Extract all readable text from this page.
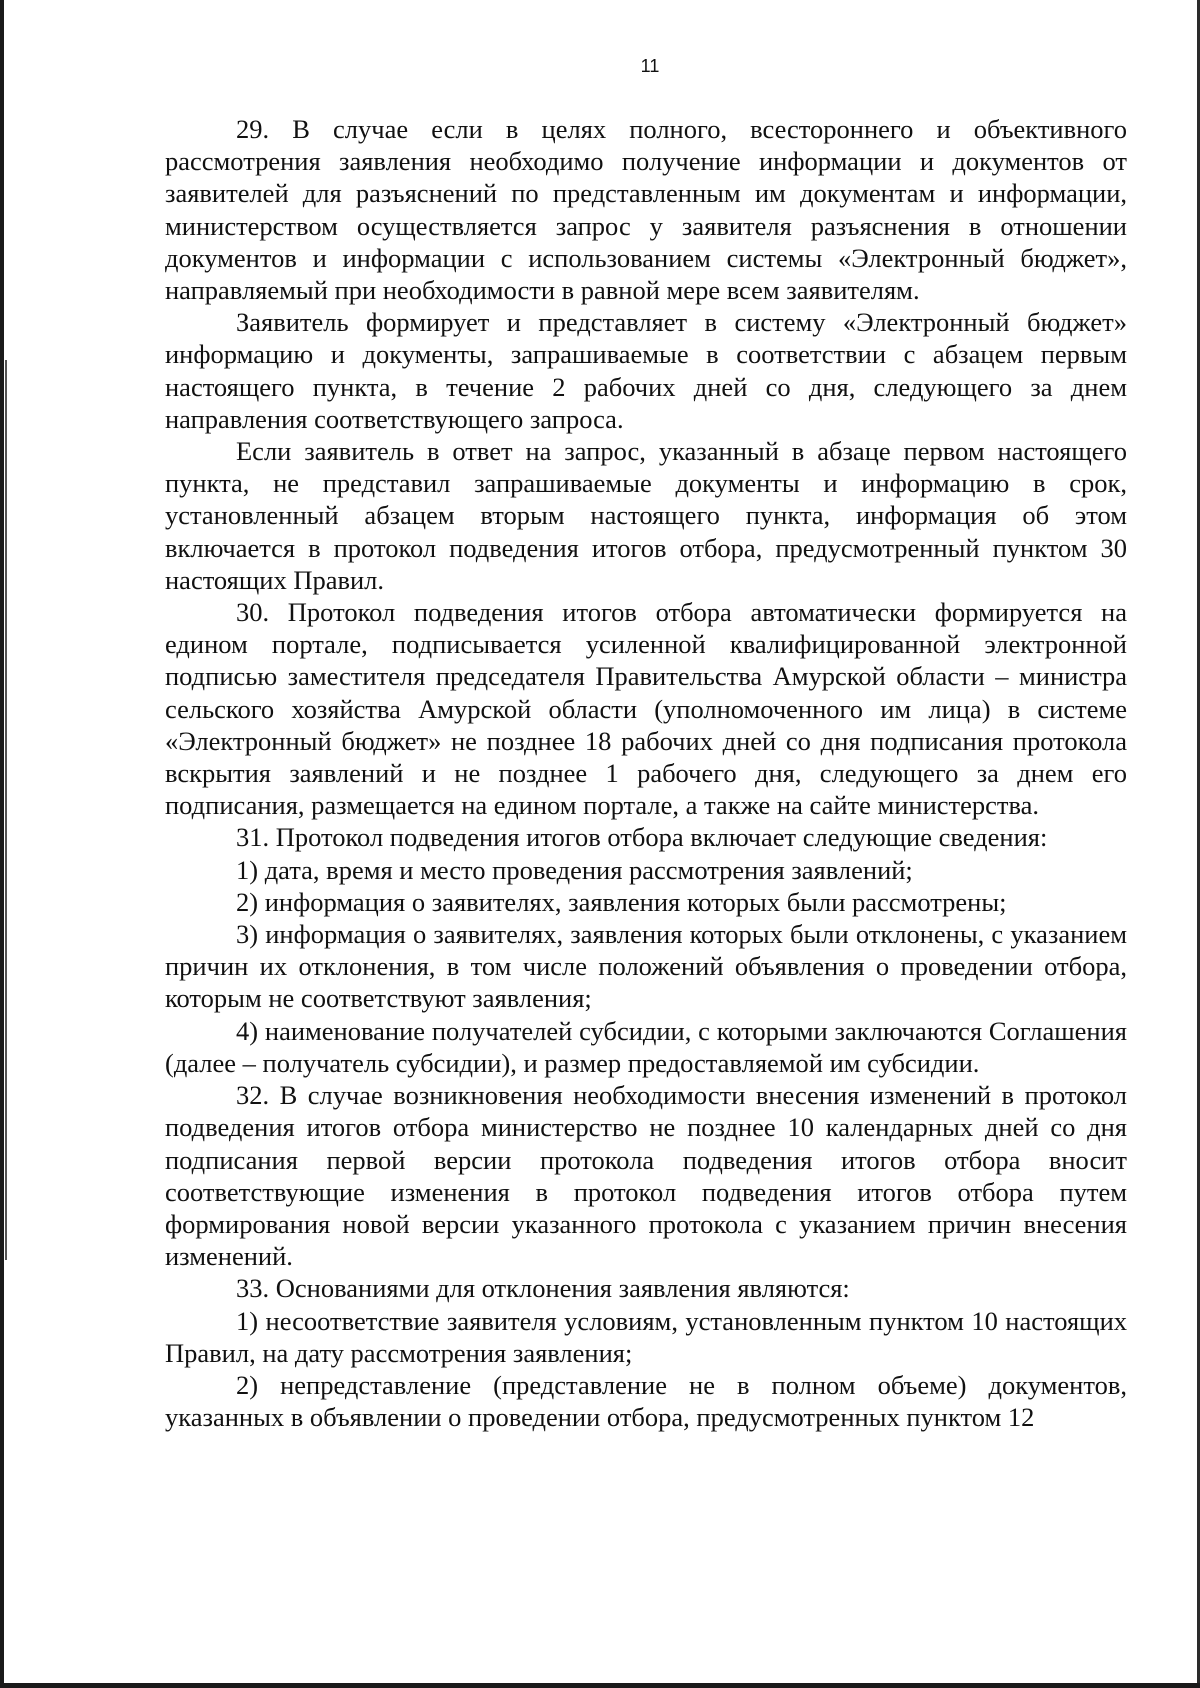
11

29. В случае если в целях полного, всестороннего и объективного рассмотрения заявления необходимо получение информации и документов от заявителей для разъяснений по представленным им документам и информации, министерством осуществляется запрос у заявителя разъяснения в отношении документов и информации с использованием системы «Электронный бюджет», направляемый при необходимости в равной мере всем заявителям.

Заявитель формирует и представляет в систему «Электронный бюджет» информацию и документы, запрашиваемые в соответствии с абзацем первым настоящего пункта, в течение 2 рабочих дней со дня, следующего за днем направления соответствующего запроса.

Если заявитель в ответ на запрос, указанный в абзаце первом настоящего пункта, не представил запрашиваемые документы и информацию в срок, установленный абзацем вторым настоящего пункта, информация об этом включается в протокол подведения итогов отбора, предусмотренный пунктом 30 настоящих Правил.

30. Протокол подведения итогов отбора автоматически формируется на едином портале, подписывается усиленной квалифицированной электронной подписью заместителя председателя Правительства Амурской области – министра сельского хозяйства Амурской области (уполномоченного им лица) в системе «Электронный бюджет» не позднее 18 рабочих дней со дня подписания протокола вскрытия заявлений и не позднее 1 рабочего дня, следующего за днем его подписания, размещается на едином портале, а также на сайте министерства.

31. Протокол подведения итогов отбора включает следующие сведения:

1) дата, время и место проведения рассмотрения заявлений;

2) информация о заявителях, заявления которых были рассмотрены;

3) информация о заявителях, заявления которых были отклонены, с указанием причин их отклонения, в том числе положений объявления о проведении отбора, которым не соответствуют заявления;

4) наименование получателей субсидии, с которыми заключаются Соглашения (далее – получатель субсидии), и размер предоставляемой им субсидии.

32. В случае возникновения необходимости внесения изменений в протокол подведения итогов отбора министерство не позднее 10 календарных дней со дня подписания первой версии протокола подведения итогов отбора вносит соответствующие изменения в протокол подведения итогов отбора путем формирования новой версии указанного протокола с указанием причин внесения изменений.

33. Основаниями для отклонения заявления являются:

1) несоответствие заявителя условиям, установленным пунктом 10 настоящих Правил, на дату рассмотрения заявления;

2) непредставление (представление не в полном объеме) документов, указанных в объявлении о проведении отбора, предусмотренных пунктом 12
